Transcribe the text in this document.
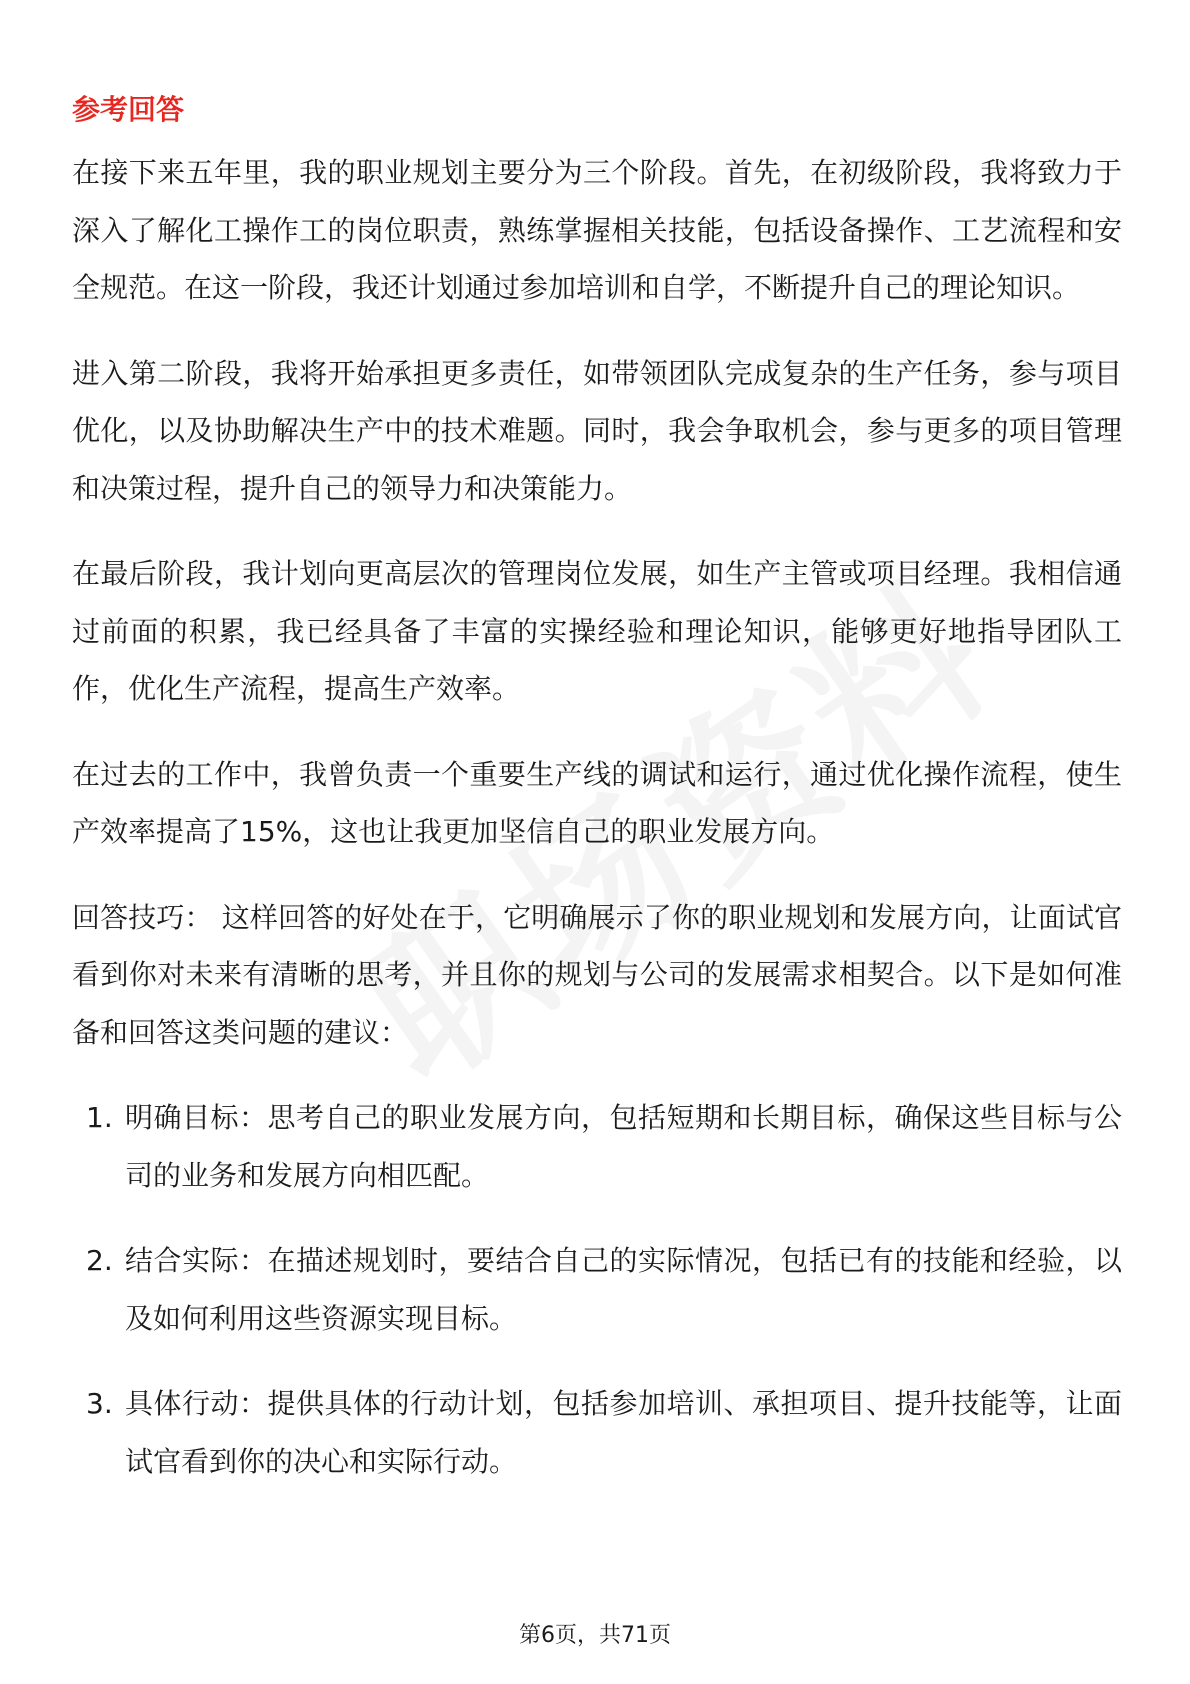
参考回答

在接下来五年里，我的职业规划主要分为三个阶段。首先，在初级阶段，我将致力于深入了解化工操作工的岗位职责，熟练掌握相关技能，包括设备操作、工艺流程和安全规范。在这一阶段，我还计划通过参加培训和自学，不断提升自己的理论知识。

进入第二阶段，我将开始承担更多责任，如带领团队完成复杂的生产任务，参与项目优化，以及协助解决生产中的技术难题。同时，我会争取机会，参与更多的项目管理和决策过程，提升自己的领导力和决策能力。

在最后阶段，我计划向更高层次的管理岗位发展，如生产主管或项目经理。我相信通过前面的积累，我已经具备了丰富的实操经验和理论知识，能够更好地指导团队工作，优化生产流程，提高生产效率。

在过去的工作中，我曾负责一个重要生产线的调试和运行，通过优化操作流程，使生产效率提高了15%，这也让我更加坚信自己的职业发展方向。

回答技巧： 这样回答的好处在于，它明确展示了你的职业规划和发展方向，让面试官看到你对未来有清晰的思考，并且你的规划与公司的发展需求相契合。以下是如何准备和回答这类问题的建议：

1. 明确目标：思考自己的职业发展方向，包括短期和长期目标，确保这些目标与公司的业务和发展方向相匹配。
2. 结合实际：在描述规划时，要结合自己的实际情况，包括已有的技能和经验，以及如何利用这些资源实现目标。
3. 具体行动：提供具体的行动计划，包括参加培训、承担项目、提升技能等，让面试官看到你的决心和实际行动。
第6页，共71页
